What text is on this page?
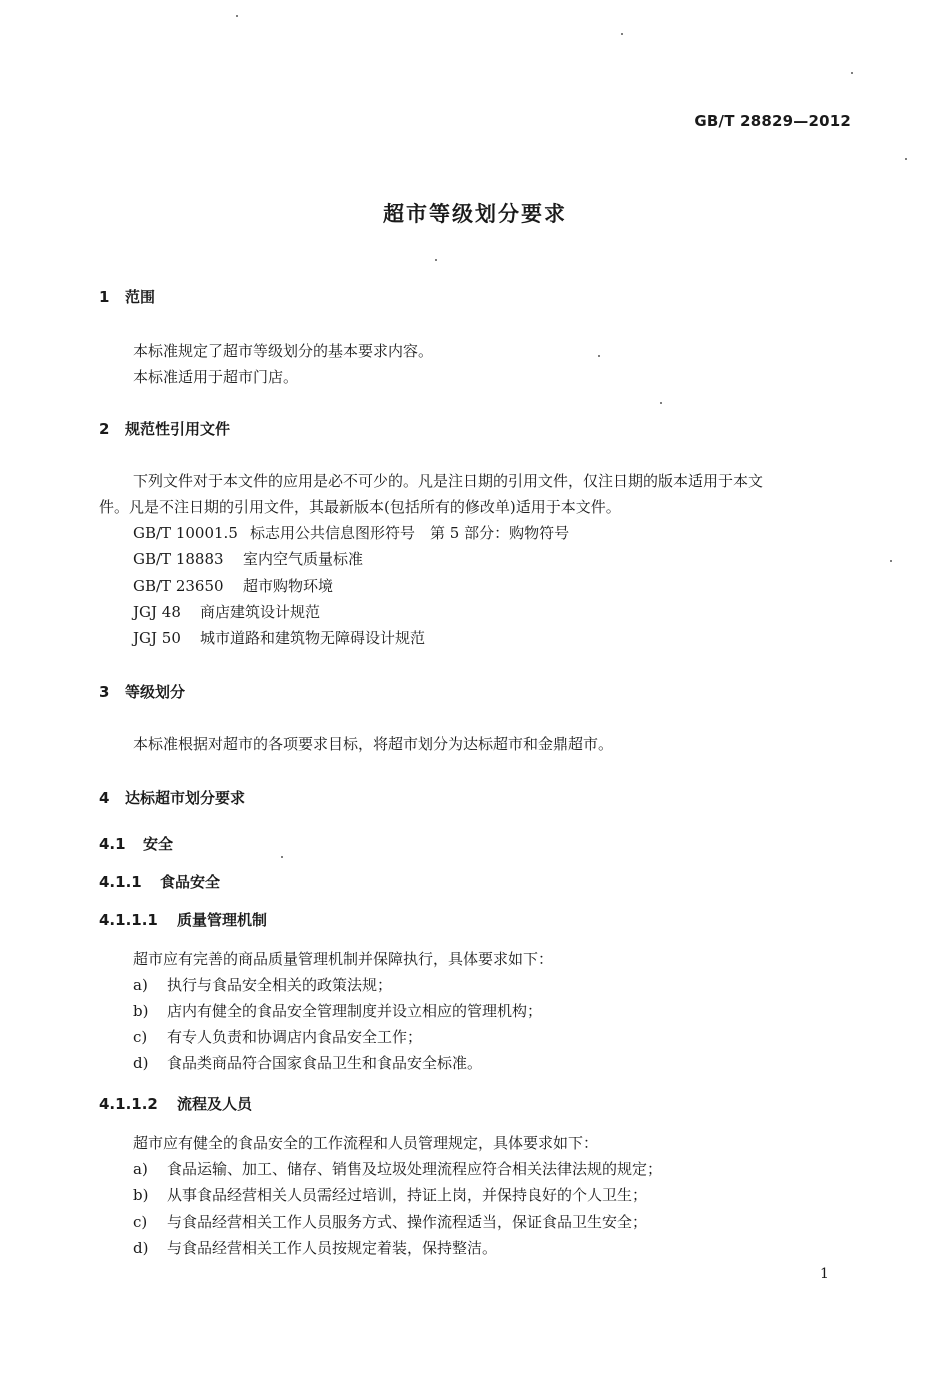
GB/T 28829—2012
超市等级划分要求
1 范围
本标准规定了超市等级划分的基本要求内容。
本标准适用于超市门店。
2 规范性引用文件
下列文件对于本文件的应用是必不可少的。凡是注日期的引用文件，仅注日期的版本适用于本文
件。凡是不注日期的引用文件，其最新版本(包括所有的修改单)适用于本文件。
GB/T 10001.5 标志用公共信息图形符号　第 5 部分：购物符号
GB/T 18883 室内空气质量标准
GB/T 23650 超市购物环境
JGJ 48 商店建筑设计规范
JGJ 50 城市道路和建筑物无障碍设计规范
3 等级划分
本标准根据对超市的各项要求目标，将超市划分为达标超市和金鼎超市。
4 达标超市划分要求
4.1 安全
4.1.1 食品安全
4.1.1.1 质量管理机制
超市应有完善的商品质量管理机制并保障执行，具体要求如下：
a) 执行与食品安全相关的政策法规；
b) 店内有健全的食品安全管理制度并设立相应的管理机构；
c) 有专人负责和协调店内食品安全工作；
d) 食品类商品符合国家食品卫生和食品安全标准。
4.1.1.2 流程及人员
超市应有健全的食品安全的工作流程和人员管理规定，具体要求如下：
a) 食品运输、加工、储存、销售及垃圾处理流程应符合相关法律法规的规定；
b) 从事食品经营相关人员需经过培训，持证上岗，并保持良好的个人卫生；
c) 与食品经营相关工作人员服务方式、操作流程适当，保证食品卫生安全；
d) 与食品经营相关工作人员按规定着装，保持整洁。
1
